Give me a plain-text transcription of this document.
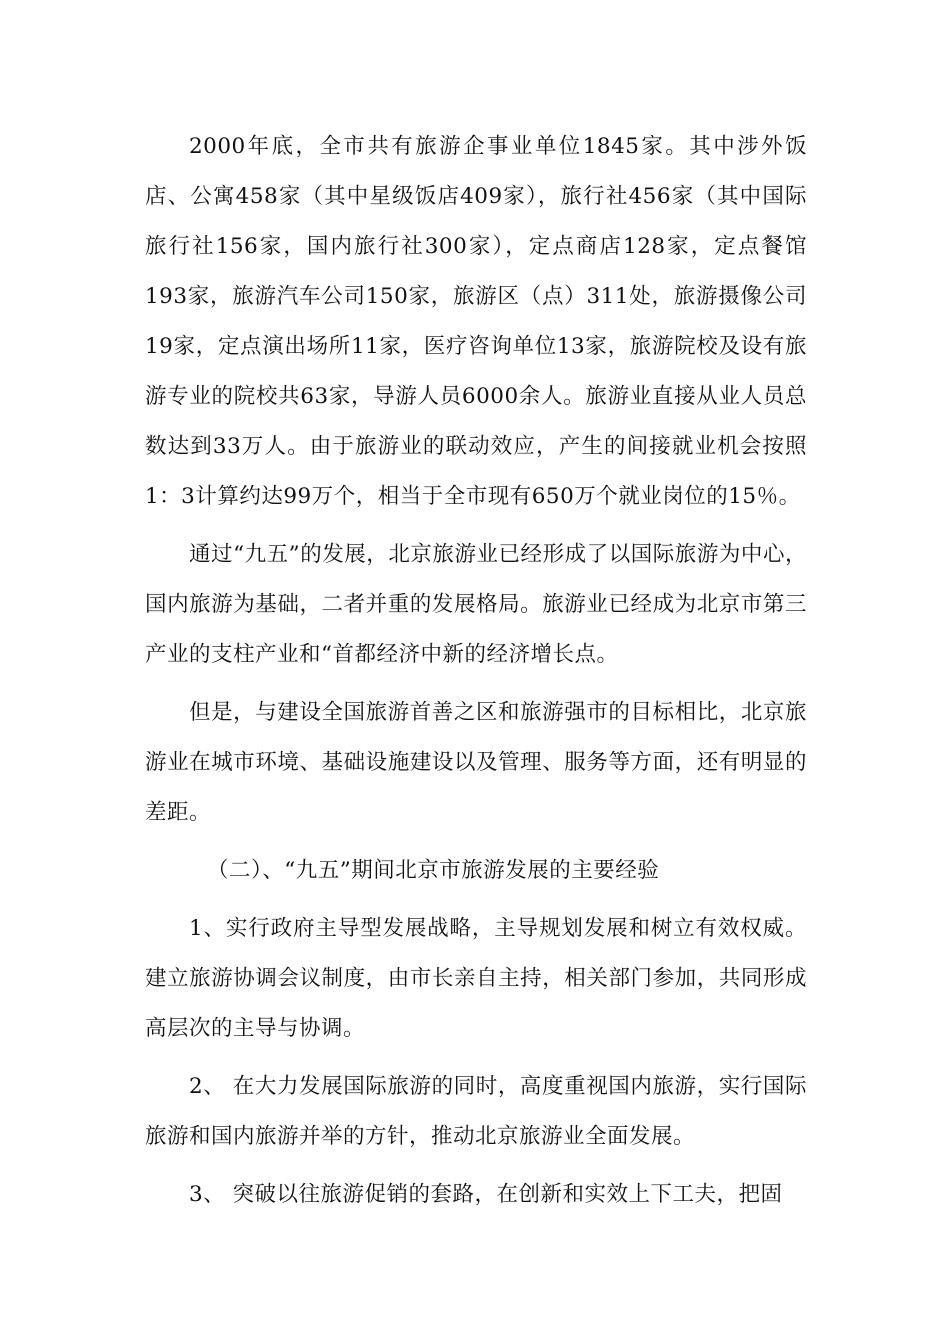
2000年底，全市共有旅游企事业单位1845家。其中涉外饭店、公寓458家（其中星级饭店409家），旅行社456家（其中国际旅行社156家，国内旅行社300家），定点商店128家，定点餐馆193家，旅游汽车公司150家，旅游区（点）311处，旅游摄像公司19家，定点演出场所11家，医疗咨询单位13家，旅游院校及设有旅游专业的院校共63家，导游人员6000余人。旅游业直接从业人员总数达到33万人。由于旅游业的联动效应，产生的间接就业机会按照1：3计算约达99万个，相当于全市现有650万个就业岗位的15％。

通过“九五”的发展，北京旅游业已经形成了以国际旅游为中心，国内旅游为基础，二者并重的发展格局。旅游业已经成为北京市第三产业的支柱产业和“首都经济中新的经济增长点。

但是，与建设全国旅游首善之区和旅游强市的目标相比，北京旅游业在城市环境、基础设施建设以及管理、服务等方面，还有明显的差距。

（二）、“九五”期间北京市旅游发展的主要经验

1、实行政府主导型发展战略，主导规划发展和树立有效权威。建立旅游协调会议制度，由市长亲自主持，相关部门参加，共同形成高层次的主导与协调。

2、 在大力发展国际旅游的同时，高度重视国内旅游，实行国际旅游和国内旅游并举的方针，推动北京旅游业全面发展。

3、 突破以往旅游促销的套路，在创新和实效上下工夫，把固
